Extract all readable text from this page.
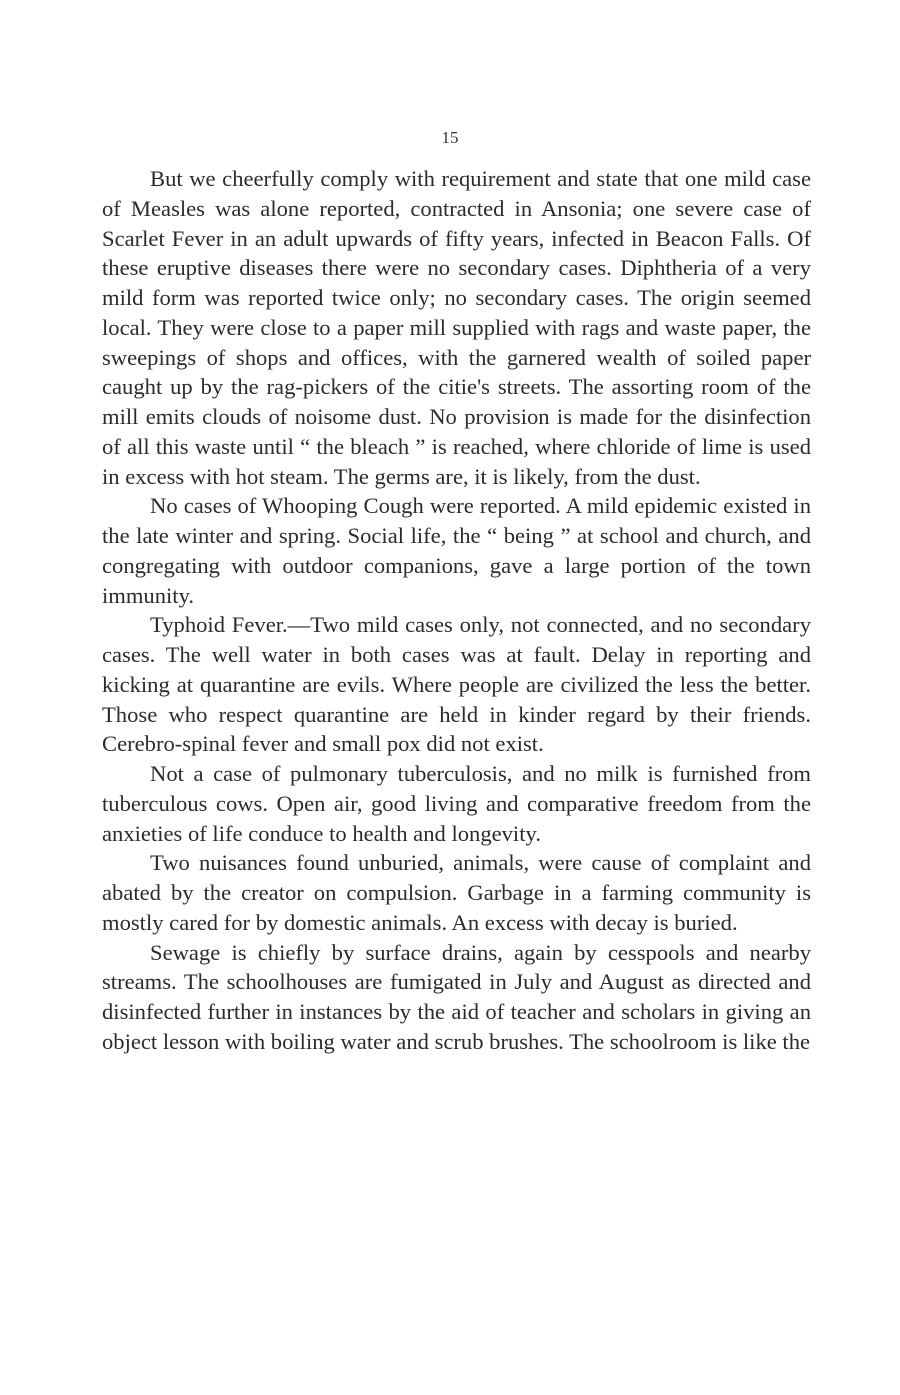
15

But we cheerfully comply with requirement and state that one mild case of Measles was alone reported, contracted in Ansonia; one severe case of Scarlet Fever in an adult upwards of fifty years, infected in Beacon Falls. Of these eruptive diseases there were no secondary cases. Diphtheria of a very mild form was reported twice only; no secondary cases. The origin seemed local. They were close to a paper mill supplied with rags and waste paper, the sweepings of shops and offices, with the garnered wealth of soiled paper caught up by the rag-pickers of the citie's streets. The assorting room of the mill emits clouds of noisome dust. No provision is made for the disinfection of all this waste until “ the bleach ” is reached, where chloride of lime is used in excess with hot steam. The germs are, it is likely, from the dust.

No cases of Whooping Cough were reported. A mild epidemic existed in the late winter and spring. Social life, the “ being ” at school and church, and congregating with outdoor companions, gave a large portion of the town immunity.

Typhoid Fever.—Two mild cases only, not connected, and no secondary cases. The well water in both cases was at fault. Delay in reporting and kicking at quarantine are evils. Where people are civilized the less the better. Those who respect quarantine are held in kinder regard by their friends. Cerebro-spinal fever and small pox did not exist.

Not a case of pulmonary tuberculosis, and no milk is furnished from tuberculous cows. Open air, good living and comparative freedom from the anxieties of life conduce to health and longevity.

Two nuisances found unburied, animals, were cause of complaint and abated by the creator on compulsion. Garbage in a farming community is mostly cared for by domestic animals. An excess with decay is buried.

Sewage is chiefly by surface drains, again by cesspools and nearby streams. The schoolhouses are fumigated in July and August as directed and disinfected further in instances by the aid of teacher and scholars in giving an object lesson with boiling water and scrub brushes. The schoolroom is like the
